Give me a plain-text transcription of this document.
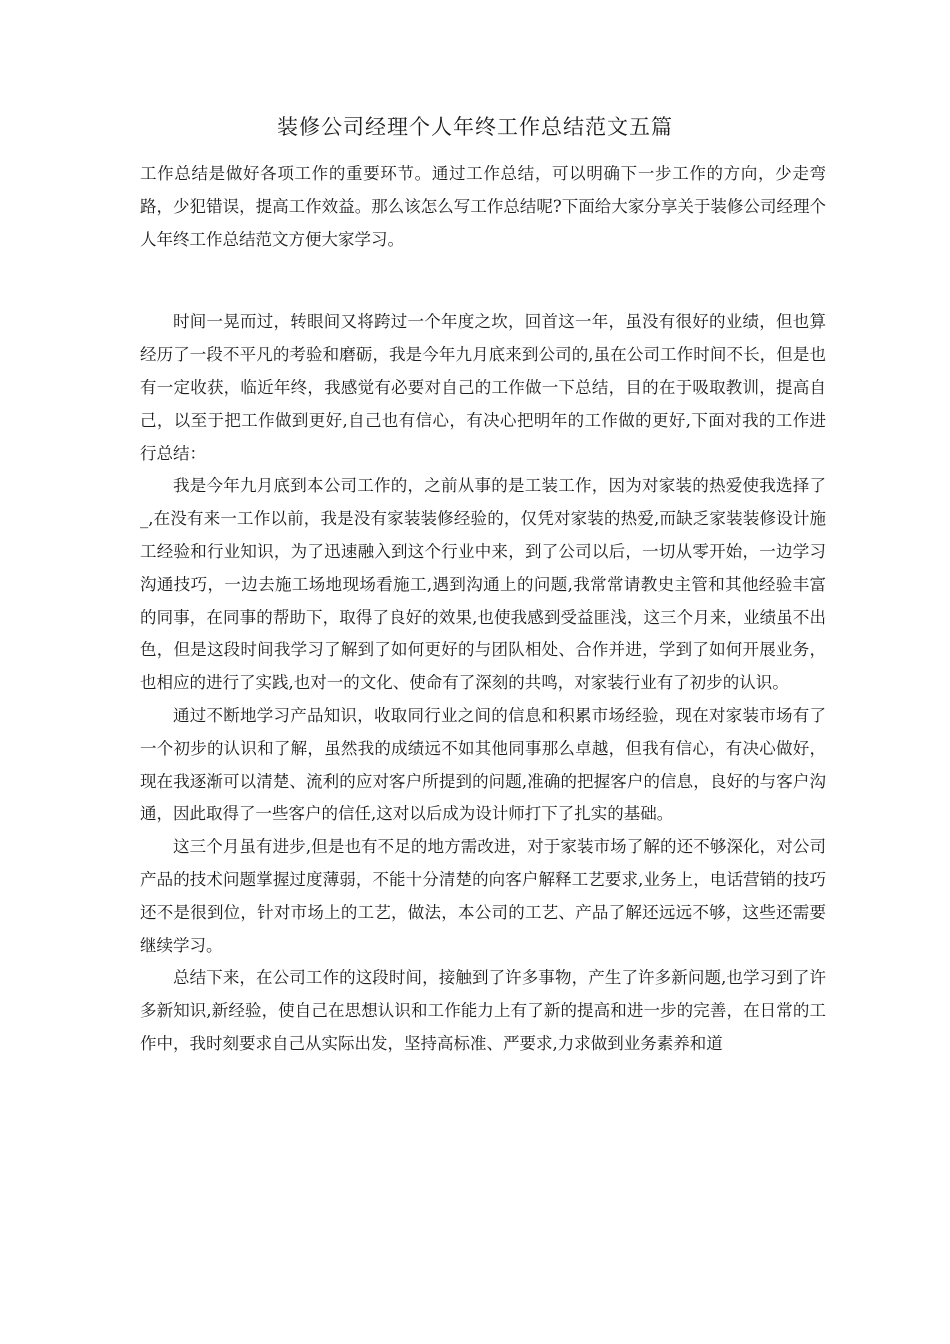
装修公司经理个人年终工作总结范文五篇

工作总结是做好各项工作的重要环节。通过工作总结，可以明确下一步工作的方向，少走弯路，少犯错误，提高工作效益。那么该怎么写工作总结呢?下面给大家分享关于装修公司经理个人年终工作总结范文方便大家学习。

时间一晃而过，转眼间又将跨过一个年度之坎，回首这一年，虽没有很好的业绩，但也算经历了一段不平凡的考验和磨砺，我是今年九月底来到公司的,虽在公司工作时间不长，但是也有一定收获，临近年终，我感觉有必要对自己的工作做一下总结，目的在于吸取教训，提高自己，以至于把工作做到更好,自己也有信心，有决心把明年的工作做的更好,下面对我的工作进行总结：

我是今年九月底到本公司工作的，之前从事的是工装工作，因为对家装的热爱使我选择了 _,在没有来一工作以前，我是没有家装装修经验的，仅凭对家装的热爱,而缺乏家装装修设计施工经验和行业知识，为了迅速融入到这个行业中来，到了公司以后，一切从零开始，一边学习沟通技巧，一边去施工场地现场看施工,遇到沟通上的问题,我常常请教史主管和其他经验丰富的同事，在同事的帮助下，取得了良好的效果,也使我感到受益匪浅，这三个月来，业绩虽不出色，但是这段时间我学习了解到了如何更好的与团队相处、合作并进，学到了如何开展业务，也相应的进行了实践,也对一的文化、使命有了深刻的共鸣，对家装行业有了初步的认识。

通过不断地学习产品知识，收取同行业之间的信息和积累市场经验，现在对家装市场有了一个初步的认识和了解，虽然我的成绩远不如其他同事那么卓越，但我有信心，有决心做好，现在我逐渐可以清楚、流利的应对客户所提到的问题,准确的把握客户的信息，良好的与客户沟通，因此取得了一些客户的信任,这对以后成为设计师打下了扎实的基础。

这三个月虽有进步,但是也有不足的地方需改进，对于家装市场了解的还不够深化，对公司产品的技术问题掌握过度薄弱，不能十分清楚的向客户解释工艺要求,业务上，电话营销的技巧还不是很到位，针对市场上的工艺，做法，本公司的工艺、产品了解还远远不够，这些还需要继续学习。

总结下来，在公司工作的这段时间，接触到了许多事物，产生了许多新问题,也学习到了许多新知识,新经验，使自己在思想认识和工作能力上有了新的提高和进一步的完善，在日常的工作中，我时刻要求自己从实际出发，坚持高标准、严要求,力求做到业务素养和道
